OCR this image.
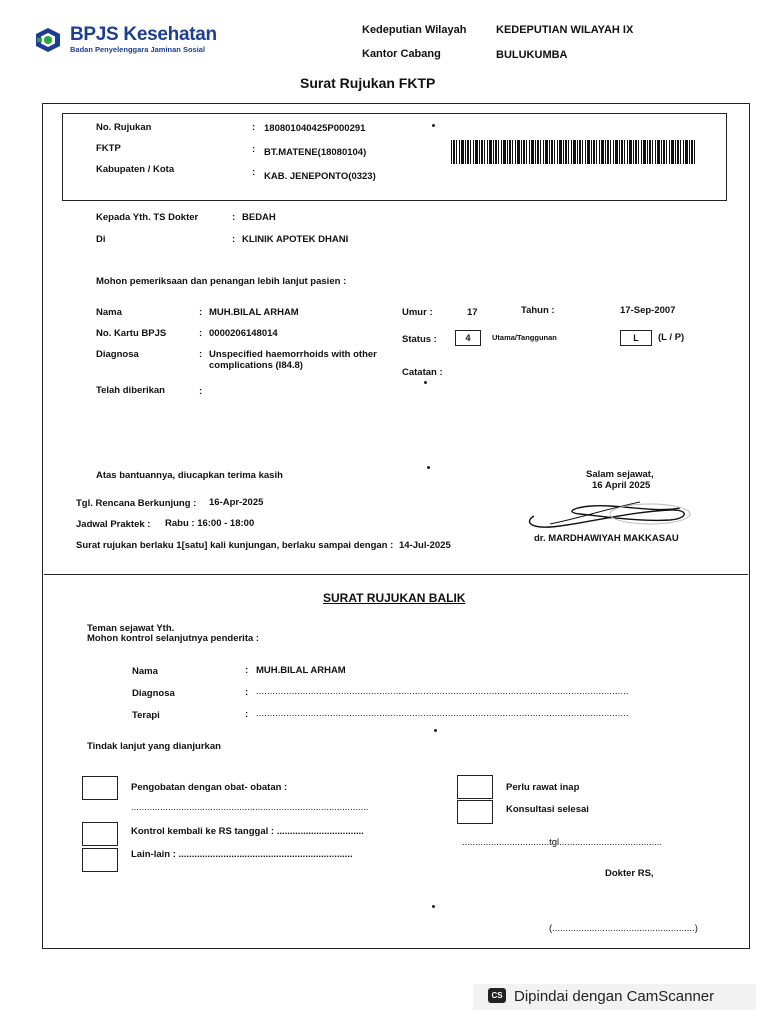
BPJS Kesehatan
Badan Penyelenggara Jaminan Sosial
Kedeputian Wilayah	KEDEPUTIAN WILAYAH IX
Kantor Cabang	BULUKUMBA
Surat Rujukan FKTP
No. Rujukan	: 180801040425P000291
FKTP	: BT.MATENE(18080104)
Kabupaten / Kota	: KAB. JENEPONTO(0323)
Kepada Yth. TS Dokter	: BEDAH
Di	: KLINIK APOTEK DHANI
Mohon pemeriksaan dan penangan lebih lanjut pasien :
Nama	: MUH.BILAL ARHAM
No. Kartu BPJS	: 0000206148014
Diagnosa	: Unspecified haemorrhoids with other
complications (I84.8)
Telah diberikan	:
Umur :	17	Tahun :	17-Sep-2007
Status :	4	Utama/Tanggunan	L	(L / P)
Catatan :
Atas bantuannya, diucapkan terima kasih	Salam sejawat,
16 April 2025
Tgl. Rencana Berkunjung : 16-Apr-2025
Jadwal Praktek : Rabu : 16:00 - 18:00
Surat rujukan berlaku 1[satu] kali kunjungan, berlaku sampai dengan : 14-Jul-2025
dr. MARDHAWIYAH MAKKASAU
SURAT RUJUKAN BALIK
Teman sejawat Yth.
Mohon kontrol selanjutnya penderita :
Nama	: MUH.BILAL ARHAM
Diagnosa	: ........................................................................................................................................
Terapi	: ........................................................................................................................................
Tindak lanjut yang dianjurkan
Pengobatan dengan obat- obatan :
..........................................................................................
Kontrol kembali ke RS tanggal : .................................
Lain-lain : ..................................................................
Perlu rawat inap
Konsultasi selesai
.................................tgl.......................................
Dokter RS,
(......................................................)
CS Dipindai dengan CamScanner
